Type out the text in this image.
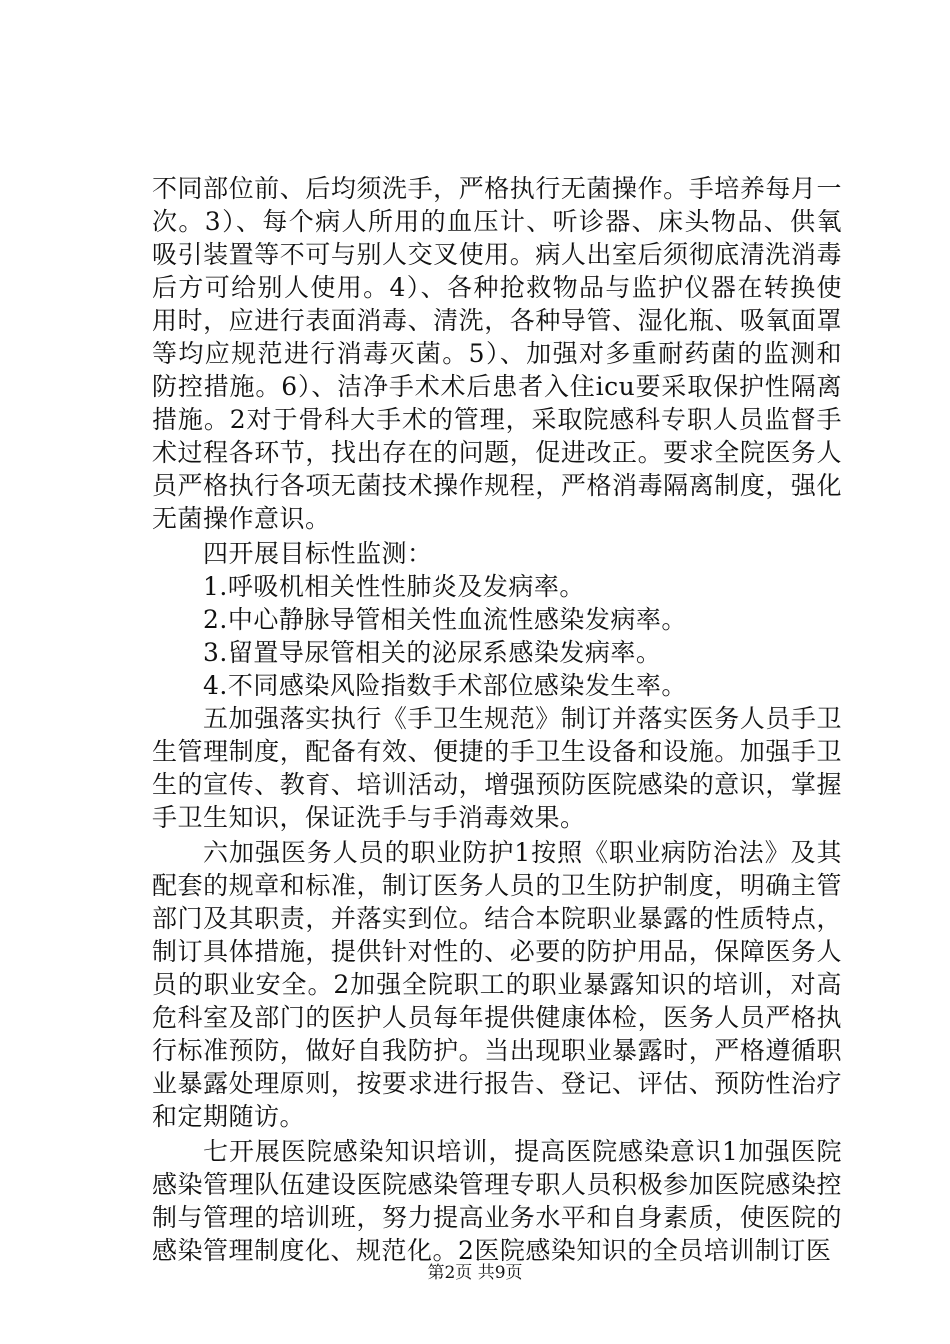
不同部位前、后均须洗手，严格执行无菌操作。手培养每月一次。3）、每个病人所用的血压计、听诊器、床头物品、供氧吸引装置等不可与别人交叉使用。病人出室后须彻底清洗消毒后方可给别人使用。4）、各种抢救物品与监护仪器在转换使用时，应进行表面消毒、清洗，各种导管、湿化瓶、吸氧面罩等均应规范进行消毒灭菌。5）、加强对多重耐药菌的监测和防控措施。6）、洁净手术术后患者入住icu要采取保护性隔离措施。2对于骨科大手术的管理，采取院感科专职人员监督手术过程各环节，找出存在的问题，促进改正。要求全院医务人员严格执行各项无菌技术操作规程，严格消毒隔离制度，强化无菌操作意识。

四开展目标性监测：

1.呼吸机相关性性肺炎及发病率。

2.中心静脉导管相关性血流性感染发病率。

3.留置导尿管相关的泌尿系感染发病率。

4.不同感染风险指数手术部位感染发生率。

五加强落实执行《手卫生规范》制订并落实医务人员手卫生管理制度，配备有效、便捷的手卫生设备和设施。加强手卫生的宣传、教育、培训活动，增强预防医院感染的意识，掌握手卫生知识，保证洗手与手消毒效果。

六加强医务人员的职业防护1按照《职业病防治法》及其配套的规章和标准，制订医务人员的卫生防护制度，明确主管部门及其职责，并落实到位。结合本院职业暴露的性质特点，制订具体措施，提供针对性的、必要的防护用品，保障医务人员的职业安全。2加强全院职工的职业暴露知识的培训，对高危科室及部门的医护人员每年提供健康体检，医务人员严格执行标准预防，做好自我防护。当出现职业暴露时，严格遵循职业暴露处理原则，按要求进行报告、登记、评估、预防性治疗和定期随访。

七开展医院感染知识培训，提高医院感染意识1加强医院感染管理队伍建设医院感染管理专职人员积极参加医院感染控制与管理的培训班，努力提高业务水平和自身素质，使医院的感染管理制度化、规范化。2医院感染知识的全员培训制订医

第2页 共9页
